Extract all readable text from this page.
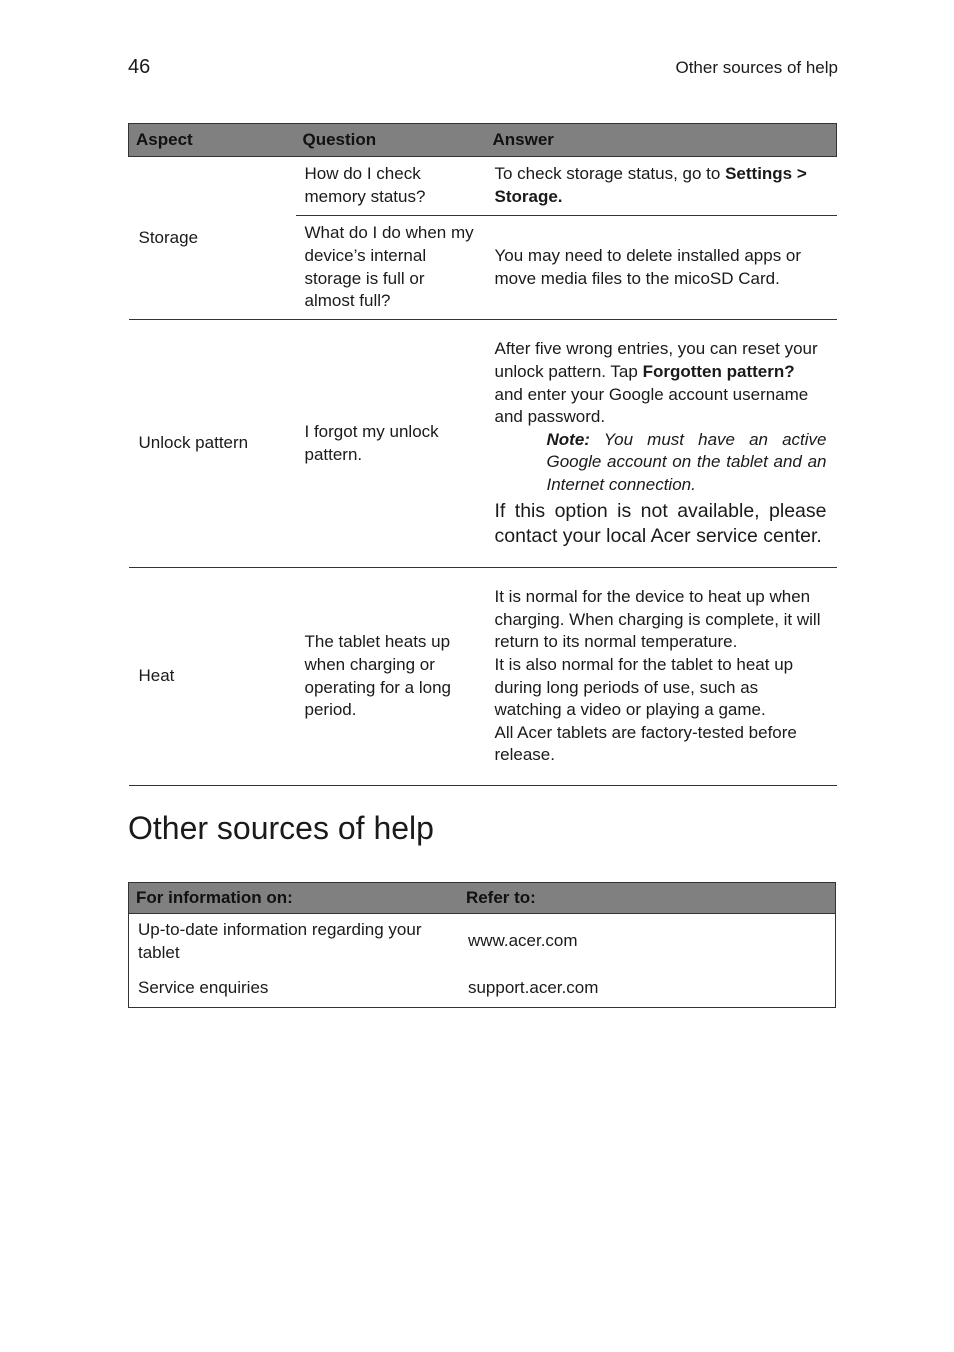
46	Other sources of help
Aspect	Question	Answer
Storage	How do I check memory status?	To check storage status, go to Settings > Storage.
	What do I do when my device’s internal storage is full or almost full?	You may need to delete installed apps or move media files to the micoSD Card.
Unlock pattern	I forgot my unlock pattern.	After five wrong entries, you can reset your unlock pattern. Tap Forgotten pattern? and enter your Google account username and password.
Note: You must have an active Google account on the tablet and an Internet connection.
If this option is not available, please contact your local Acer service center.

Heat	The tablet heats up when charging or operating for a long period.	It is normal for the device to heat up when charging. When charging is complete, it will return to its normal temperature.
It is also normal for the tablet to heat up during long periods of use, such as watching a video or playing a game.
All Acer tablets are factory-tested before release.
Other sources of help
For information on:	Refer to:
Up-to-date information regarding your tablet	www.acer.com
Service enquiries	support.acer.com
